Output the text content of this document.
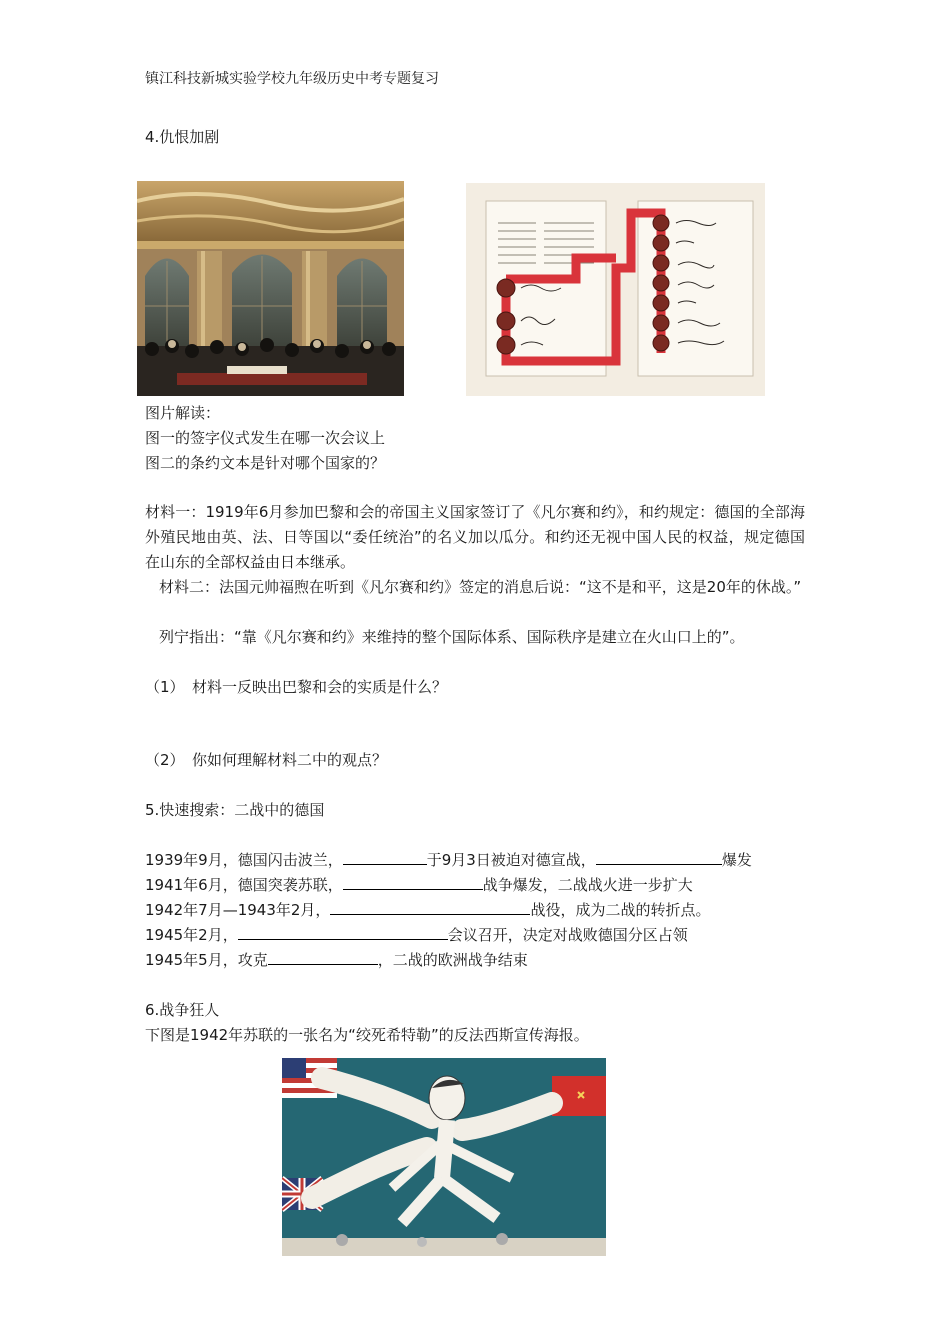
镇江科技新城实验学校九年级历史中考专题复习
4.仇恨加剧
图片解读：
图一的签字仪式发生在哪一次会议上
图二的条约文本是针对哪个国家的？
材料一：1919年6月参加巴黎和会的帝国主义国家签订了《凡尔赛和约》，和约规定：德国的全部海外殖民地由英、法、日等国以“委任统治”的名义加以瓜分。和约还无视中国人民的权益，规定德国在山东的全部权益由日本继承。
材料二：法国元帅福煦在听到《凡尔赛和约》签定的消息后说：“这不是和平，这是20年的休战。”
列宁指出：“靠《凡尔赛和约》来维持的整个国际体系、国际秩序是建立在火山口上的”。
（1）　材料一反映出巴黎和会的实质是什么？
（2）　你如何理解材料二中的观点？
5.快速搜索：二战中的德国
1939年9月，德国闪击波兰，	于9月3日被迫对德宣战，	爆发
1941年6月，德国突袭苏联，	战争爆发，二战战火进一步扩大
1942年7月—1943年2月，	战役，成为二战的转折点。
1945年2月，	会议召开，决定对战败德国分区占领
1945年5月，攻克	，二战的欧洲战争结束
6.战争狂人
下图是1942年苏联的一张名为“绞死希特勒”的反法西斯宣传海报。
